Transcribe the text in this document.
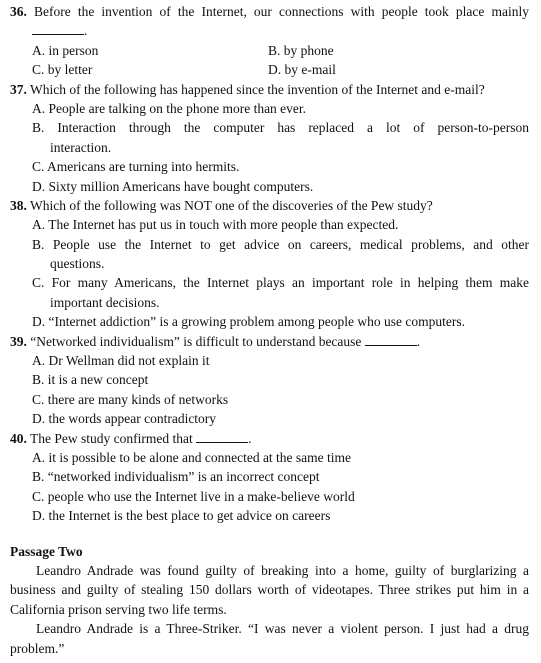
36. Before the invention of the Internet, our connections with people took place mainly
.
A. in person	B. by phone
C. by letter	D. by e-mail
37. Which of the following has happened since the invention of the Internet and e-mail?
A. People are talking on the phone more than ever.
B. Interaction through the computer has replaced a lot of person-to-person
interaction.
C. Americans are turning into hermits.
D. Sixty million Americans have bought computers.
38. Which of the following was NOT one of the discoveries of the Pew study?
A. The Internet has put us in touch with more people than expected.
B. People use the Internet to get advice on careers, medical problems, and other
questions.
C. For many Americans, the Internet plays an important role in helping them make
important decisions.
D. “Internet addiction” is a growing problem among people who use computers.
39. “Networked individualism” is difficult to understand because	.
A. Dr Wellman did not explain it
B. it is a new concept
C. there are many kinds of networks
D. the words appear contradictory
40. The Pew study confirmed that	.
A. it is possible to be alone and connected at the same time
B. “networked individualism” is an incorrect concept
C. people who use the Internet live in a make-believe world
D. the Internet is the best place to get advice on careers
Passage Two
Leandro Andrade was found guilty of breaking into a home, guilty of burglarizing a
business and guilty of stealing 150 dollars worth of videotapes. Three strikes put him in a
California prison serving two life terms.
Leandro Andrade is a Three-Striker. “I was never a violent person. I just had a drug
problem.”
